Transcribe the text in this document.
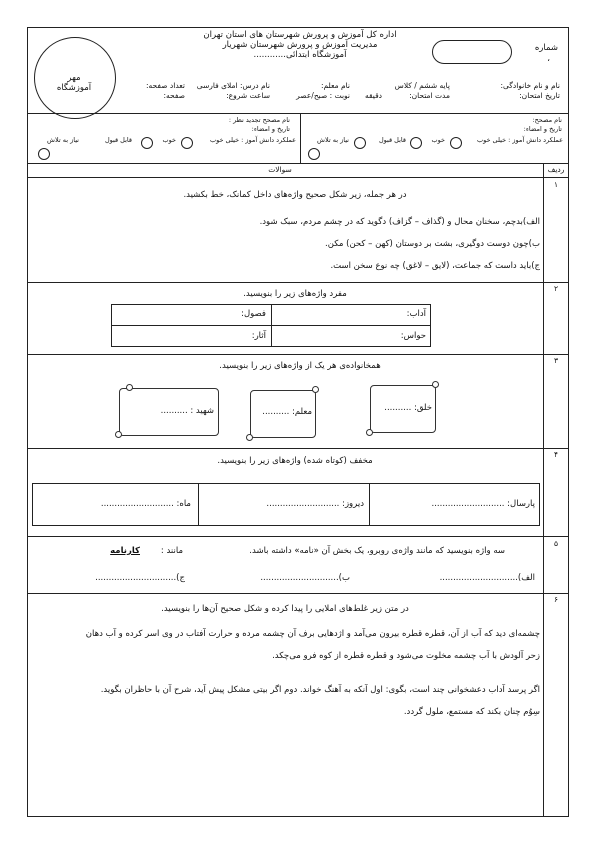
اداره کل آموزش و پرورش شهرستان های استان تهران
مدیریت آموزش و پرورش شهرستان شهریار
آموزشگاه ابتدائی............
شماره
،
مهر
آموزشگاه	نام و نام خانوادگی:
تاریخ امتحان:
پایه ششم / کلاس
مدت امتحان:
دقیقه
نام معلم:
نوبت : صبح/عصر
نام درس: املای فارسی
ساعت شروع:
تعداد صفحه:
صفحه:
نام مصحح:
تاریخ و امضاء:
عملکرد دانش آموز : خیلی خوب
خوب
قابل قبول
نیاز به تلاش
نام مصحح تجدید نظر :
تاریخ و امضاء:
عملکرد دانش آموز : خیلی خوب
خوب
قابل قبول
نیاز به تلاش
ردیف
سوالات
۱
در هر جمله، زیر شکل صحیح واژه‌های داخل کمانک، خط بکشید.
الف)بدچم، سخنان محال و (گذاف – گزاف) دگوید که در چشم مردم، سبک شود.
ب)چون دوست دوگیری، بشت بر دوستان (کهن – کحن) مکن.
ج)باید داست که جماعت، (لایق – لاغق) چه نوع سخن است.
۲
مفرد واژه‌های زیر را بنویسید.
آداب:
فصول:
حواس:
آثار:
۳
همخانواده‌ی هر یک از واژه‌های زیر را بنویسید.
خلق: ..........
معلم: ..........
شهید : ..........
۴
مخفف (کوتاه شده) واژه‌های زیر را بنویسید.
پارسال: ...........................
دیروز: ...........................
ماه: ...........................
۵
سه واژه بنویسید که مانند واژه‌ی روبرو، یک بخش آن «نامه» داشته باشد.
مانند :
کارنامه
الف).............................
ب).............................
ج)..............................
۶
در متن زیر غلط‌های املایی را پیدا کرده و شکل صحیح آن‌ها را بنویسید.
چشمه‌ای دید که آب از آن، قطره قطره بیرون می‌آمد و اژدهایی برف آن چشمه مرده و حرارت آفتاب در وی اسر کرده و آب دهان
زحر آلودش با آب چشمه مخلوت می‌شود و قطره قطره از کوه فرو می‌چکد.
اگر پرسد آداب دعشخوانی چند است، بگوی: اول آنکه به آهنگ خواند. دوم اگر بیتی مشکل پیش آید، شرح آن با حاظران بگوید.
سِوُم چنان بکند که مستمع، ملول گردد.
